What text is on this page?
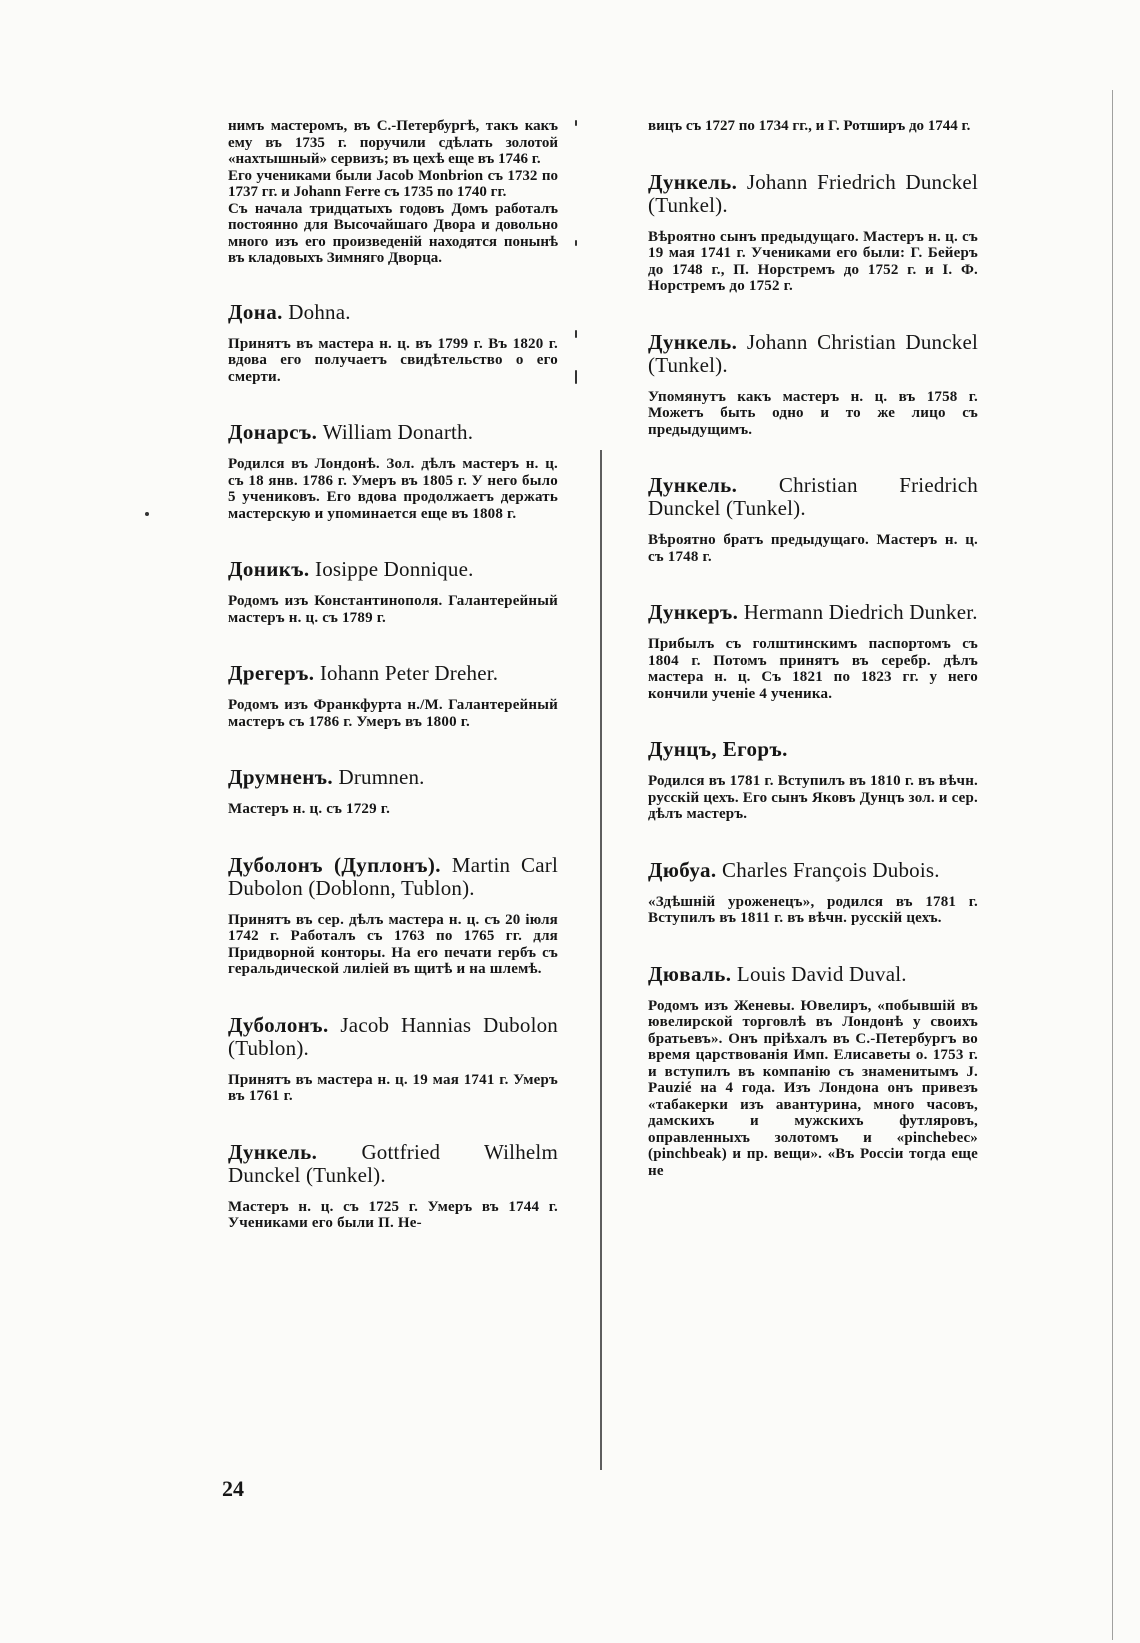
нимъ мастеромъ, въ С.-Петербургѣ, такъ какъ ему въ 1735 г. поручили сдѣлать золотой «нахтышный» сервизъ; въ цехѣ еще въ 1746 г.

Его учениками были Jacob Monbrion съ 1732 по 1737 гг. и Johann Ferre съ 1735 по 1740 гг.

Съ начала тридцатыхъ годовъ Домъ работалъ постоянно для Высочайшаго Двора и довольно много изъ его произведеній находятся понынѣ въ кладовыхъ Зимняго Дворца.

Дона. Dohna.

Принятъ въ мастера н. ц. въ 1799 г. Въ 1820 г. вдова его получаетъ свидѣтельство о его смерти.

Донарсъ. William Donarth.

Родился въ Лондонѣ. Зол. дѣлъ мастеръ н. ц. съ 18 янв. 1786 г. Умеръ въ 1805 г. У него было 5 учениковъ. Его вдова продолжаетъ держать мастерскую и упоминается еще въ 1808 г.

Доникъ. Iosippe Donnique.

Родомъ изъ Константинополя. Галантерейный мастеръ н. ц. съ 1789 г.

Дрегеръ. Iohann Peter Dreher.

Родомъ изъ Франкфурта н./М. Галантерейный мастеръ съ 1786 г. Умеръ въ 1800 г.

Друмненъ. Drumnen.

Мастеръ н. ц. съ 1729 г.

Дуболонъ (Дуплонъ). Martin Carl Dubolon (Doblonn, Tublon).

Принятъ въ сер. дѣлъ мастера н. ц. съ 20 іюля 1742 г. Работалъ съ 1763 по 1765 гг. для Придворной конторы. На его печати гербъ съ геральдической лиліей въ щитѣ и на шлемѣ.

Дуболонъ. Jacob Hannias Dubolon (Tublon).

Принятъ въ мастера н. ц. 19 мая 1741 г. Умеръ въ 1761 г.

Дункель. Gottfried Wilhelm Dunckel (Tunkel).

Мастеръ н. ц. съ 1725 г. Умеръ въ 1744 г. Учениками его были П. Не-

вицъ съ 1727 по 1734 гг., и Г. Ротширъ до 1744 г.

Дункель. Johann Friedrich Dunckel (Tunkel).

Вѣроятно сынъ предыдущаго. Мастеръ н. ц. съ 19 мая 1741 г. Учениками его были: Г. Бейеръ до 1748 г., П. Норстремъ до 1752 г. и І. Ф. Норстремъ до 1752 г.

Дункель. Johann Christian Dunckel (Tunkel).

Упомянутъ какъ мастеръ н. ц. въ 1758 г. Можетъ быть одно и то же лицо съ предыдущимъ.

Дункель. Christian Friedrich Dunckel (Tunkel).

Вѣроятно братъ предыдущаго. Мастеръ н. ц. съ 1748 г.

Дункеръ. Hermann Diedrich Dunker.

Прибылъ съ голштинскимъ паспортомъ съ 1804 г. Потомъ принятъ въ серебр. дѣлъ мастера н. ц. Съ 1821 по 1823 гг. у него кончили ученіе 4 ученика.

Дунцъ, Егоръ.

Родился въ 1781 г. Вступилъ въ 1810 г. въ вѣчн. русскій цехъ. Его сынъ Яковъ Дунцъ зол. и сер. дѣлъ мастеръ.

Дюбуа. Charles François Dubois.

«Здѣшній уроженецъ», родился въ 1781 г. Вступилъ въ 1811 г. въ вѣчн. русскій цехъ.

Дюваль. Louis David Duval.

Родомъ изъ Женевы. Ювелиръ, «побывшій въ ювелирской торговлѣ въ Лондонѣ у своихъ братьевъ». Онъ пріѣхалъ въ С.-Петербургъ во время царствованія Имп. Елисаветы о. 1753 г. и вступилъ въ компанію съ знаменитымъ J. Pauzié на 4 года. Изъ Лондона онъ привезъ «табакерки изъ авантурина, много часовъ, дамскихъ и мужскихъ футляровъ, оправленныхъ золотомъ и «pinchebec» (pinchbeak) и пр. вещи». «Въ Россіи тогда еще не

24
